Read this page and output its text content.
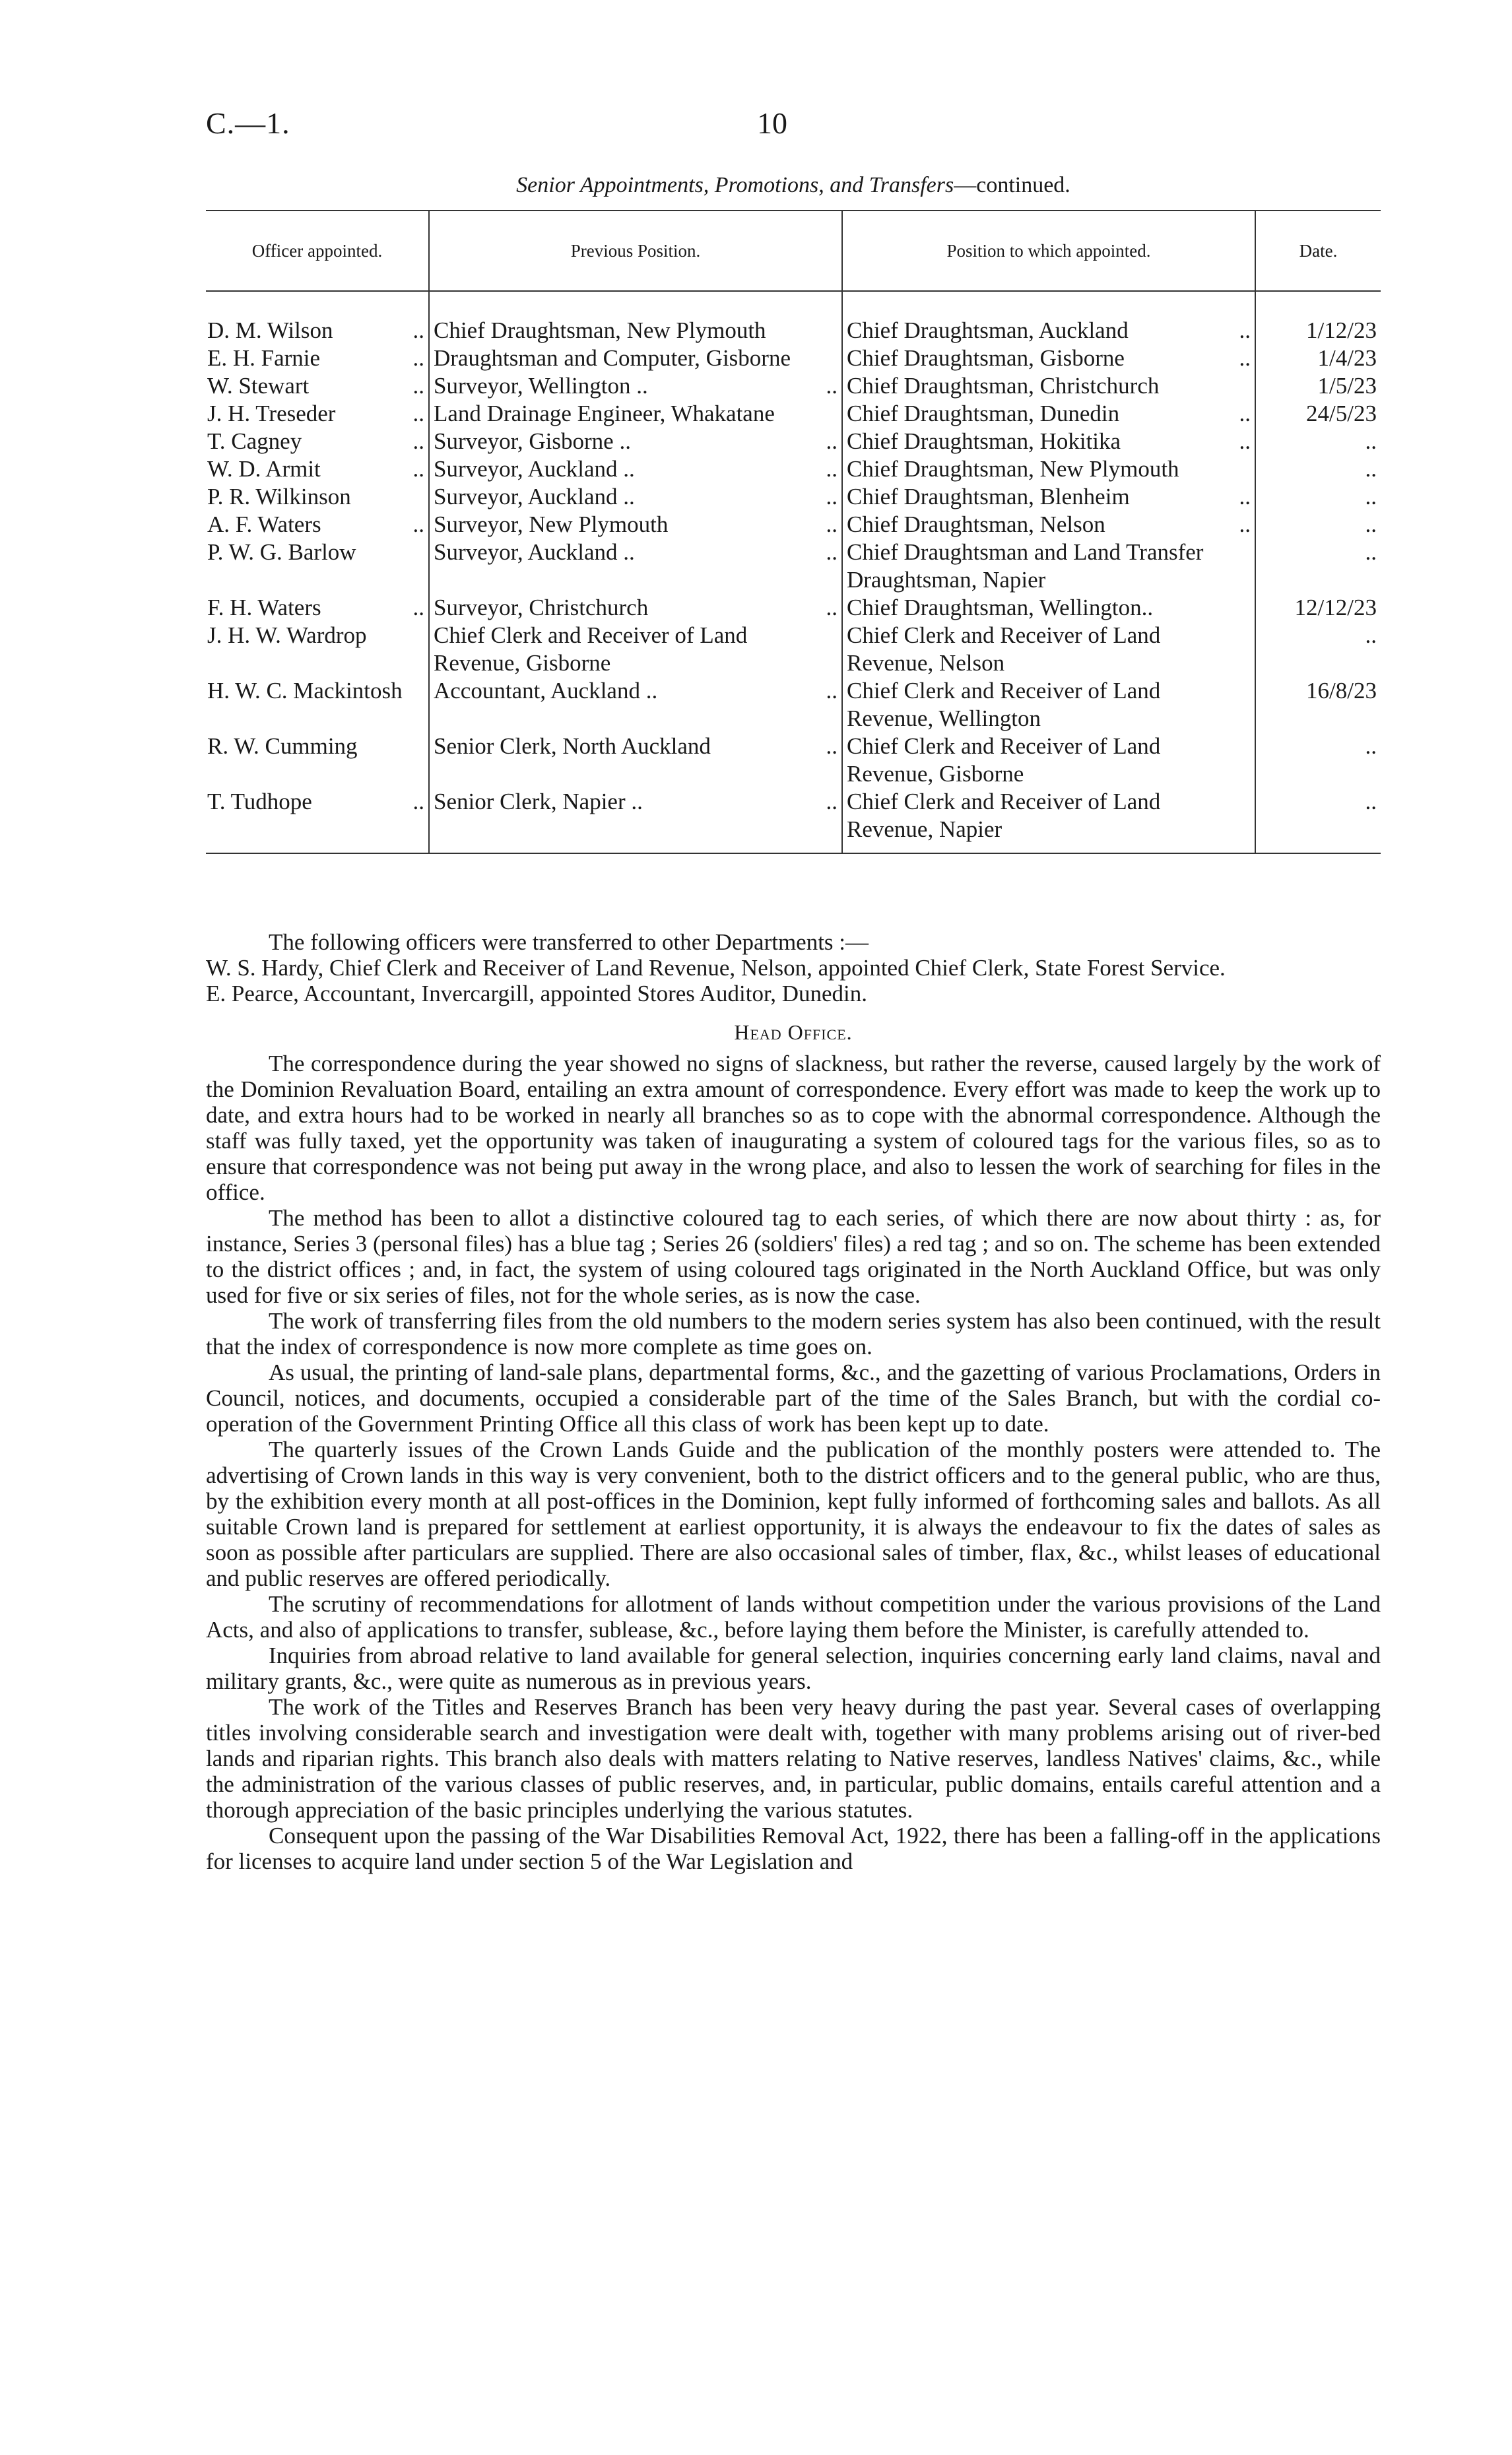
C.—1.	10
Senior Appointments, Promotions, and Transfers—continued.
Officer appointed.	Previous Position.	Position to which appointed.	Date.

D. M. Wilson ..	Chief Draughtsman, New Plymouth	Chief Draughtsman, Auckland ..	1/12/23

E. H. Farnie ..	Draughtsman and Computer, Gisborne	Chief Draughtsman, Gisborne ..	1/4/23

W. Stewart ..	Surveyor, Wellington .. ..	Chief Draughtsman, Christchurch	1/5/23

J. H. Treseder ..	Land Drainage Engineer, Whakatane	Chief Draughtsman, Dunedin ..	24/5/23

T. Cagney ..	Surveyor, Gisborne .. ..	Chief Draughtsman, Hokitika ..	..

W. D. Armit ..	Surveyor, Auckland .. ..	Chief Draughtsman, New Plymouth	..

P. R. Wilkinson	Surveyor, Auckland .. ..	Chief Draughtsman, Blenheim ..	..

A. F. Waters ..	Surveyor, New Plymouth ..	Chief Draughtsman, Nelson ..	..

P. W. G. Barlow	Surveyor, Auckland .. ..	Chief Draughtsman and Land Transfer Draughtsman, Napier	..

F. H. Waters ..	Surveyor, Christchurch ..	Chief Draughtsman, Wellington..	12/12/23

J. H. W. Wardrop	Chief Clerk and Receiver of Land Revenue, Gisborne	Chief Clerk and Receiver of Land Revenue, Nelson	..

H. W. C. Mackintosh	Accountant, Auckland .. ..	Chief Clerk and Receiver of Land Revenue, Wellington	16/8/23

R. W. Cumming	Senior Clerk, North Auckland ..	Chief Clerk and Receiver of Land Revenue, Gisborne	..

T. Tudhope ..	Senior Clerk, Napier .. ..	Chief Clerk and Receiver of Land Revenue, Napier	..

The following officers were transferred to other Departments :—

W. S. Hardy, Chief Clerk and Receiver of Land Revenue, Nelson, appointed Chief Clerk, State Forest Service.

E. Pearce, Accountant, Invercargill, appointed Stores Auditor, Dunedin.

Head Office.

The correspondence during the year showed no signs of slackness, but rather the reverse, caused largely by the work of the Dominion Revaluation Board, entailing an extra amount of correspondence. Every effort was made to keep the work up to date, and extra hours had to be worked in nearly all branches so as to cope with the abnormal correspondence. Although the staff was fully taxed, yet the opportunity was taken of inaugurating a system of coloured tags for the various files, so as to ensure that correspondence was not being put away in the wrong place, and also to lessen the work of searching for files in the office.

The method has been to allot a distinctive coloured tag to each series, of which there are now about thirty : as, for instance, Series 3 (personal files) has a blue tag ; Series 26 (soldiers' files) a red tag ; and so on. The scheme has been extended to the district offices ; and, in fact, the system of using coloured tags originated in the North Auckland Office, but was only used for five or six series of files, not for the whole series, as is now the case.

The work of transferring files from the old numbers to the modern series system has also been continued, with the result that the index of correspondence is now more complete as time goes on.

As usual, the printing of land-sale plans, departmental forms, &c., and the gazetting of various Proclamations, Orders in Council, notices, and documents, occupied a considerable part of the time of the Sales Branch, but with the cordial co-operation of the Government Printing Office all this class of work has been kept up to date.

The quarterly issues of the Crown Lands Guide and the publication of the monthly posters were attended to. The advertising of Crown lands in this way is very convenient, both to the district officers and to the general public, who are thus, by the exhibition every month at all post-offices in the Dominion, kept fully informed of forthcoming sales and ballots. As all suitable Crown land is prepared for settlement at earliest opportunity, it is always the endeavour to fix the dates of sales as soon as possible after particulars are supplied. There are also occasional sales of timber, flax, &c., whilst leases of educational and public reserves are offered periodically.

The scrutiny of recommendations for allotment of lands without competition under the various provisions of the Land Acts, and also of applications to transfer, sublease, &c., before laying them before the Minister, is carefully attended to.

Inquiries from abroad relative to land available for general selection, inquiries concerning early land claims, naval and military grants, &c., were quite as numerous as in previous years.

The work of the Titles and Reserves Branch has been very heavy during the past year. Several cases of overlapping titles involving considerable search and investigation were dealt with, together with many problems arising out of river-bed lands and riparian rights. This branch also deals with matters relating to Native reserves, landless Natives' claims, &c., while the administration of the various classes of public reserves, and, in particular, public domains, entails careful attention and a thorough appreciation of the basic principles underlying the various statutes.

Consequent upon the passing of the War Disabilities Removal Act, 1922, there has been a falling-off in the applications for licenses to acquire land under section 5 of the War Legislation and
